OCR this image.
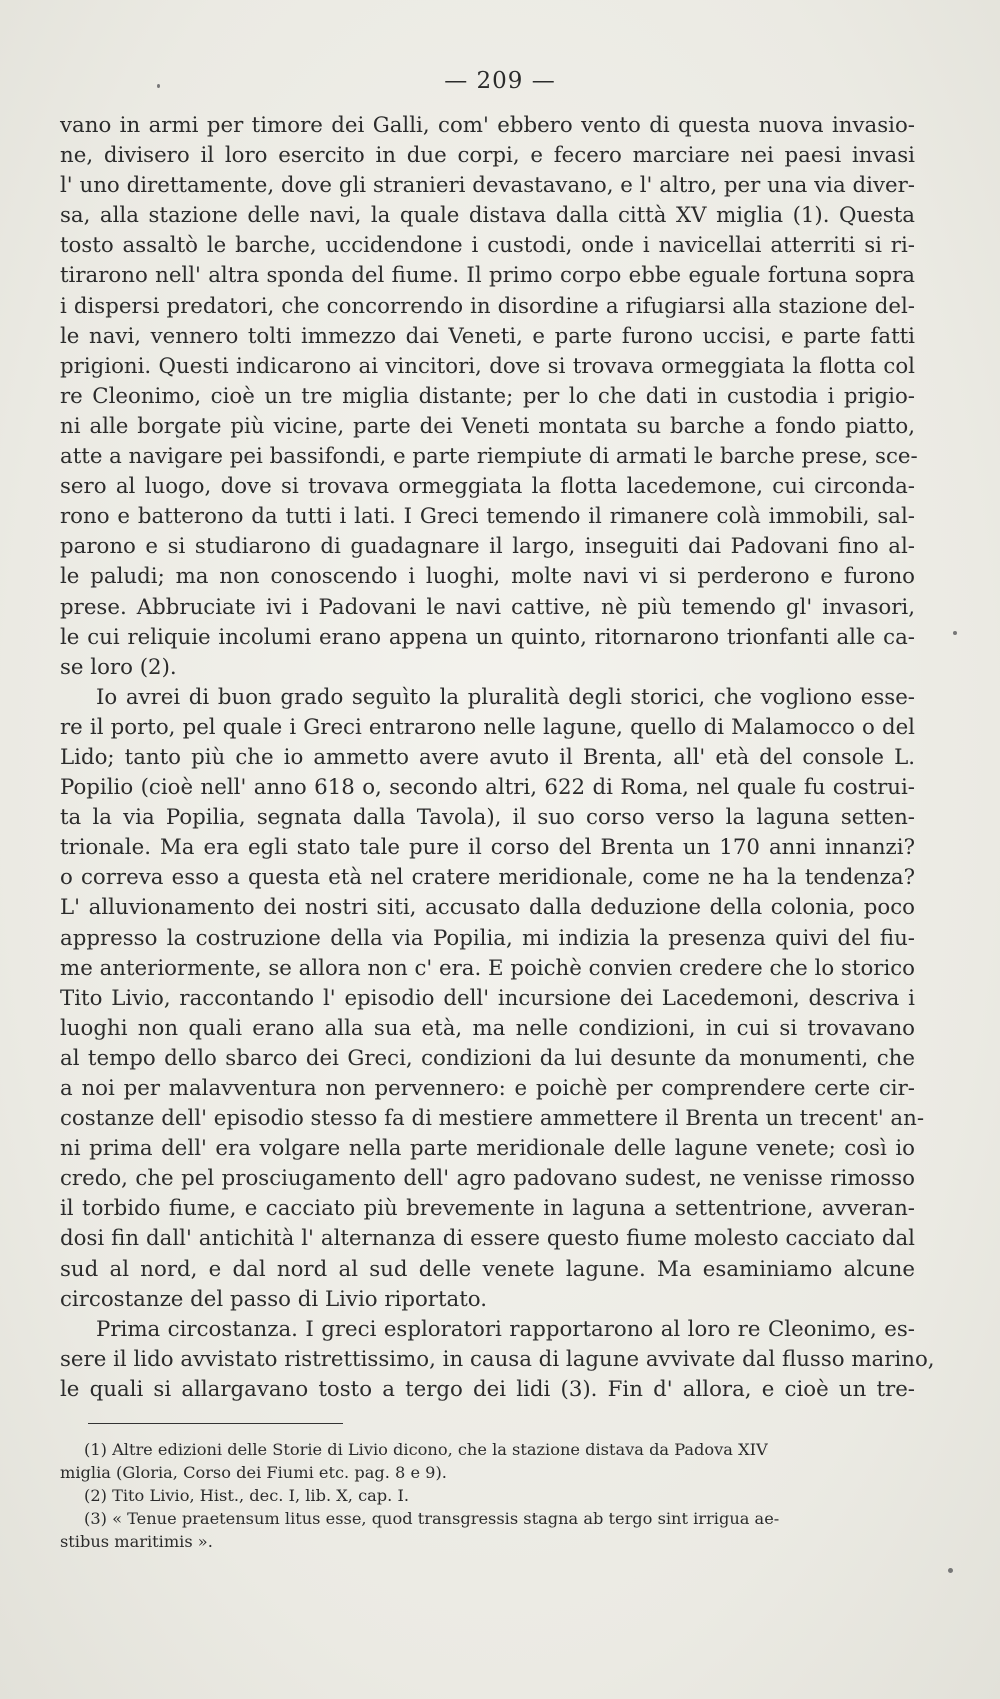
— 209 —
vano in armi per timore dei Galli, com' ebbero vento di questa nuova invasio-
ne, divisero il loro esercito in due corpi, e fecero marciare nei paesi invasi
l' uno direttamente, dove gli stranieri devastavano, e l' altro, per una via diver-
sa, alla stazione delle navi, la quale distava dalla città XV miglia (1). Questa
tosto assaltò le barche, uccidendone i custodi, onde i navicellai atterriti si ri-
tirarono nell' altra sponda del fiume. Il primo corpo ebbe eguale fortuna sopra
i dispersi predatori, che concorrendo in disordine a rifugiarsi alla stazione del-
le navi, vennero tolti immezzo dai Veneti, e parte furono uccisi, e parte fatti
prigioni. Questi indicarono ai vincitori, dove si trovava ormeggiata la flotta col
re Cleonimo, cioè un tre miglia distante; per lo che dati in custodia i prigio-
ni alle borgate più vicine, parte dei Veneti montata su barche a fondo piatto,
atte a navigare pei bassifondi, e parte riempiute di armati le barche prese, sce-
sero al luogo, dove si trovava ormeggiata la flotta lacedemone, cui circonda-
rono e batterono da tutti i lati. I Greci temendo il rimanere colà immobili, sal-
parono e si studiarono di guadagnare il largo, inseguiti dai Padovani fino al-
le paludi; ma non conoscendo i luoghi, molte navi vi si perderono e furono
prese. Abbruciate ivi i Padovani le navi cattive, nè più temendo gl' invasori,
le cui reliquie incolumi erano appena un quinto, ritornarono trionfanti alle ca-
se loro (2).
Io avrei di buon grado seguìto la pluralità degli storici, che vogliono esse-
re il porto, pel quale i Greci entrarono nelle lagune, quello di Malamocco o del
Lido; tanto più che io ammetto avere avuto il Brenta, all' età del console L.
Popilio (cioè nell' anno 618 o, secondo altri, 622 di Roma, nel quale fu costrui-
ta la via Popilia, segnata dalla Tavola), il suo corso verso la laguna setten-
trionale. Ma era egli stato tale pure il corso del Brenta un 170 anni innanzi?
o correva esso a questa età nel cratere meridionale, come ne ha la tendenza?
L' alluvionamento dei nostri siti, accusato dalla deduzione della colonia, poco
appresso la costruzione della via Popilia, mi indizia la presenza quivi del fiu-
me anteriormente, se allora non c' era. E poichè convien credere che lo storico
Tito Livio, raccontando l' episodio dell' incursione dei Lacedemoni, descriva i
luoghi non quali erano alla sua età, ma nelle condizioni, in cui si trovavano
al tempo dello sbarco dei Greci, condizioni da lui desunte da monumenti, che
a noi per malavventura non pervennero: e poichè per comprendere certe cir-
costanze dell' episodio stesso fa di mestiere ammettere il Brenta un trecent' an-
ni prima dell' era volgare nella parte meridionale delle lagune venete; così io
credo, che pel prosciugamento dell' agro padovano sudest, ne venisse rimosso
il torbido fiume, e cacciato più brevemente in laguna a settentrione, avveran-
dosi fin dall' antichità l' alternanza di essere questo fiume molesto cacciato dal
sud al nord, e dal nord al sud delle venete lagune. Ma esaminiamo alcune
circostanze del passo di Livio riportato.
Prima circostanza. I greci esploratori rapportarono al loro re Cleonimo, es-
sere il lido avvistato ristrettissimo, in causa di lagune avvivate dal flusso marino,
le quali si allargavano tosto a tergo dei lidi (3). Fin d' allora, e cioè un tre-
(1) Altre edizioni delle Storie di Livio dicono, che la stazione distava da Padova XIV
miglia (Gloria, Corso dei Fiumi etc. pag. 8 e 9).
(2) Tito Livio, Hist., dec. I, lib. X, cap. I.
(3) « Tenue praetensum litus esse, quod transgressis stagna ab tergo sint irrigua ae-
stibus maritimis ».
